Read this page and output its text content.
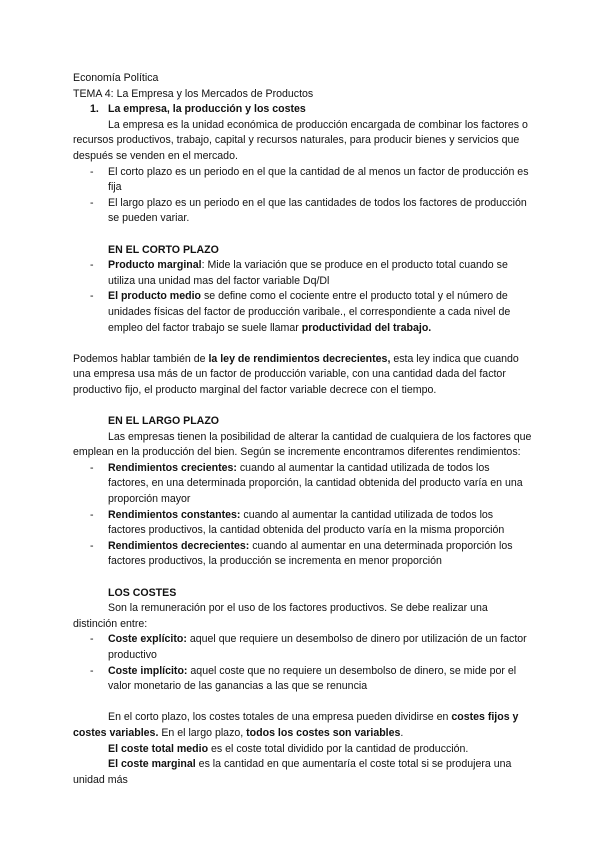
Economía Política

TEMA 4: La Empresa y los Mercados de Productos

1. La empresa, la producción y los costes

La empresa es la unidad económica de producción encargada de combinar los factores o recursos productivos, trabajo, capital y recursos naturales, para producir bienes y servicios que después se venden en el mercado.

- El corto plazo es un periodo en el que la cantidad de al menos un factor de producción es fija
- El largo plazo es un periodo en el que las cantidades de todos los factores de producción se pueden variar.

EN EL CORTO PLAZO

- Producto marginal: Mide la variación que se produce en el producto total cuando se utiliza una unidad mas del factor variable Dq/Dl
- El producto medio se define como el cociente entre el producto total y el número de unidades físicas del factor de producción varibale., el correspondiente a cada nivel de empleo del factor trabajo se suele llamar productividad del trabajo.

Podemos hablar también de la ley de rendimientos decrecientes, esta ley indica que cuando una empresa usa más de un factor de producción variable, con una cantidad dada del factor productivo fijo, el producto marginal del factor variable decrece con el tiempo.

EN EL LARGO PLAZO

Las empresas tienen la posibilidad de alterar la cantidad de cualquiera de los factores que emplean en la producción del bien. Según se incremente encontramos diferentes rendimientos:

- Rendimientos crecientes: cuando al aumentar la cantidad utilizada de todos los factores, en una determinada proporción, la cantidad obtenida del producto varía en una proporción mayor
- Rendimientos constantes: cuando al aumentar la cantidad utilizada de todos los factores productivos, la cantidad obtenida del producto varía en la misma proporción
- Rendimientos decrecientes: cuando al aumentar en una determinada proporción los factores productivos, la producción se incrementa en menor proporción

LOS COSTES

Son la remuneración por el uso de los factores productivos. Se debe realizar una distinción entre:

- Coste explícito: aquel que requiere un desembolso de dinero por utilización de un factor productivo
- Coste implícito: aquel coste que no requiere un desembolso de dinero, se mide por el valor monetario de las ganancias a las que se renuncia

En el corto plazo, los costes totales de una empresa pueden dividirse en costes fijos y costes variables. En el largo plazo, todos los costes son variables.

El coste total medio es el coste total dividido por la cantidad de producción.

El coste marginal es la cantidad en que aumentaría el coste total si se produjera una unidad más
